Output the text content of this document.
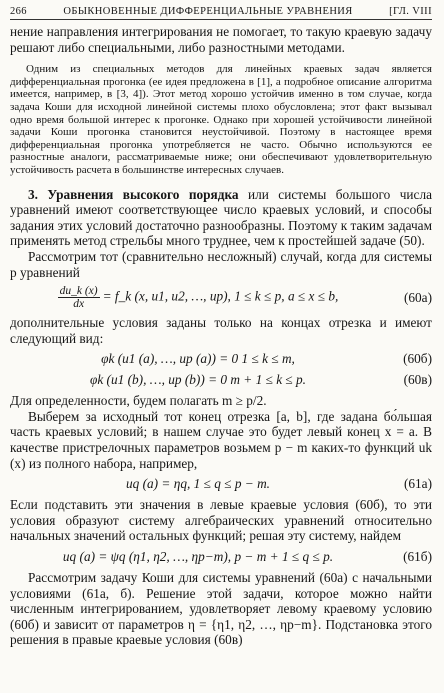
266	ОБЫКНОВЕННЫЕ ДИФФЕРЕНЦИАЛЬНЫЕ УРАВНЕНИЯ	[ГЛ. VIII

нение направления интегрирования не помогает, то такую краевую задачу решают либо специальными, либо разностными методами.

Одним из специальных методов для линейных краевых задач является дифференциальная прогонка (ее идея предложена в [1], а подробное описание алгоритма имеется, например, в [3, 4]). Этот метод хорошо устойчив именно в том случае, когда задача Коши для исходной линейной системы плохо обусловлена; этот факт вызывал одно время большой интерес к прогонке. Однако при хорошей устойчивости линейной задачи Коши прогонка становится неустойчивой. Поэтому в настоящее время дифференциальная прогонка употребляется не часто. Обычно используются ее разностные аналоги, рассматриваемые ниже; они обеспечивают удовлетворительную устойчивость расчета в большинстве интересных случаев.

3. Уравнения высокого порядка или системы большого числа уравнений имеют соответствующее число краевых условий, и способы задания этих условий достаточно разнообразны. Поэтому к таким задачам применять метод стрельбы много труднее, чем к простейшей задаче (50).

Рассмотрим тот (сравнительно несложный) случай, когда для системы p уравнений

$\frac{du\_k (x)}{dx}$ = f_k (x, u1, u2, …, up), 1 ≤ k ≤ p, a ≤ x ≤ b,	(60а)

дополнительные условия заданы только на концах отрезка и имеют следующий вид:

φk (u1 (a), …, up (a)) = 0 1 ≤ k ≤ m,	(60б)
φk (u1 (b), …, up (b)) = 0 m + 1 ≤ k ≤ p.	(60в)

Для определенности, будем полагать m ≥ p/2.

Выберем за исходный тот конец отрезка [a, b], где задана бо́льшая часть краевых условий; в нашем случае это будет левый конец x = a. В качестве пристрелочных параметров возьмем p − m каких-то функций uk (x) из полного набора, например,

uq (a) = ηq, 1 ≤ q ≤ p − m.	(61а)

Если подставить эти значения в левые краевые условия (60б), то эти условия образуют систему алгебраических уравнений относительно начальных значений остальных функций; решая эту систему, найдем

uq (a) = ψq (η1, η2, …, ηp−m), p − m + 1 ≤ q ≤ p.	(61б)

Рассмотрим задачу Коши для системы уравнений (60а) с начальными условиями (61а, б). Решение этой задачи, которое можно найти численным интегрированием, удовлетворяет левому краевому условию (60б) и зависит от параметров η = {η1, η2, …, ηp−m}. Подстановка этого решения в правые краевые условия (60в)
